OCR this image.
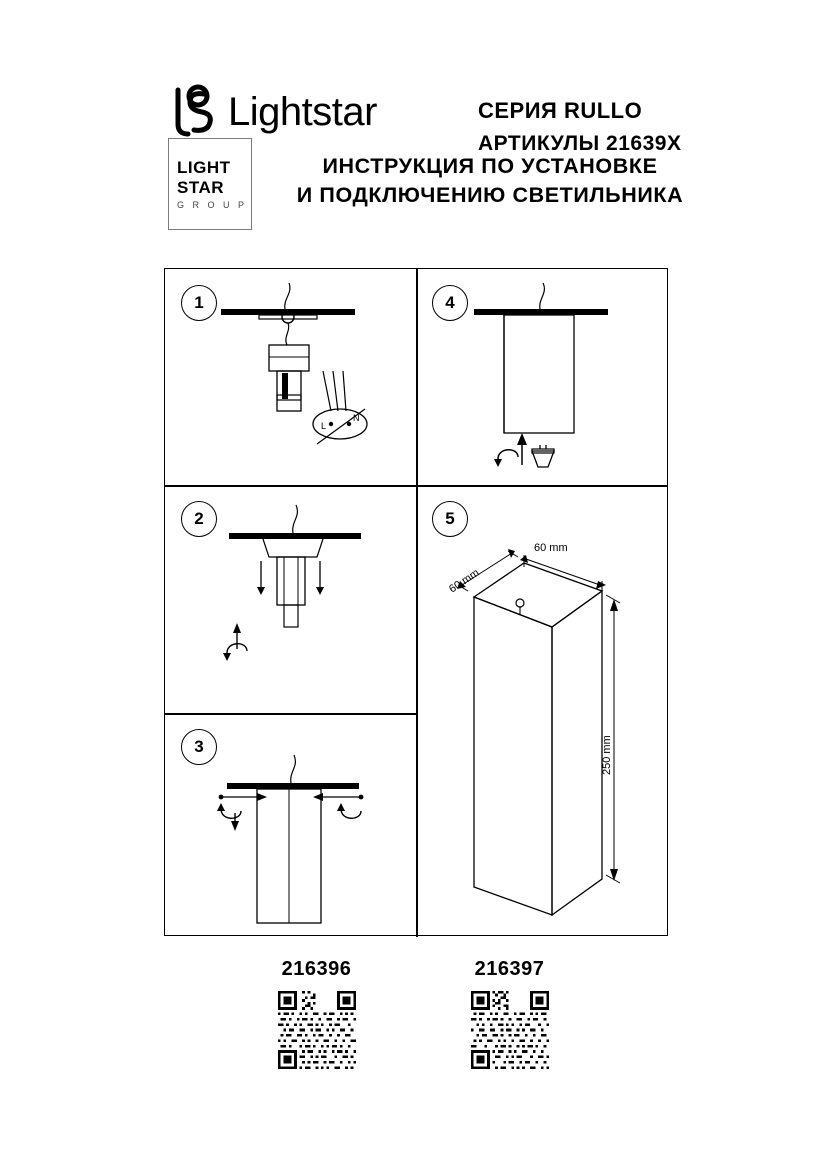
Lightstar	СЕРИЯ RULLO

АРТИКУЛЫ 21639X

LIGHT
STAR
G R O U P
ИНСТРУКЦИЯ ПО УСТАНОВКЕ
И ПОДКЛЮЧЕНИЮ СВЕТИЛЬНИКА
1
L
N
2
3
4
5
60 mm
60 mm
250 mm
216396	216397
